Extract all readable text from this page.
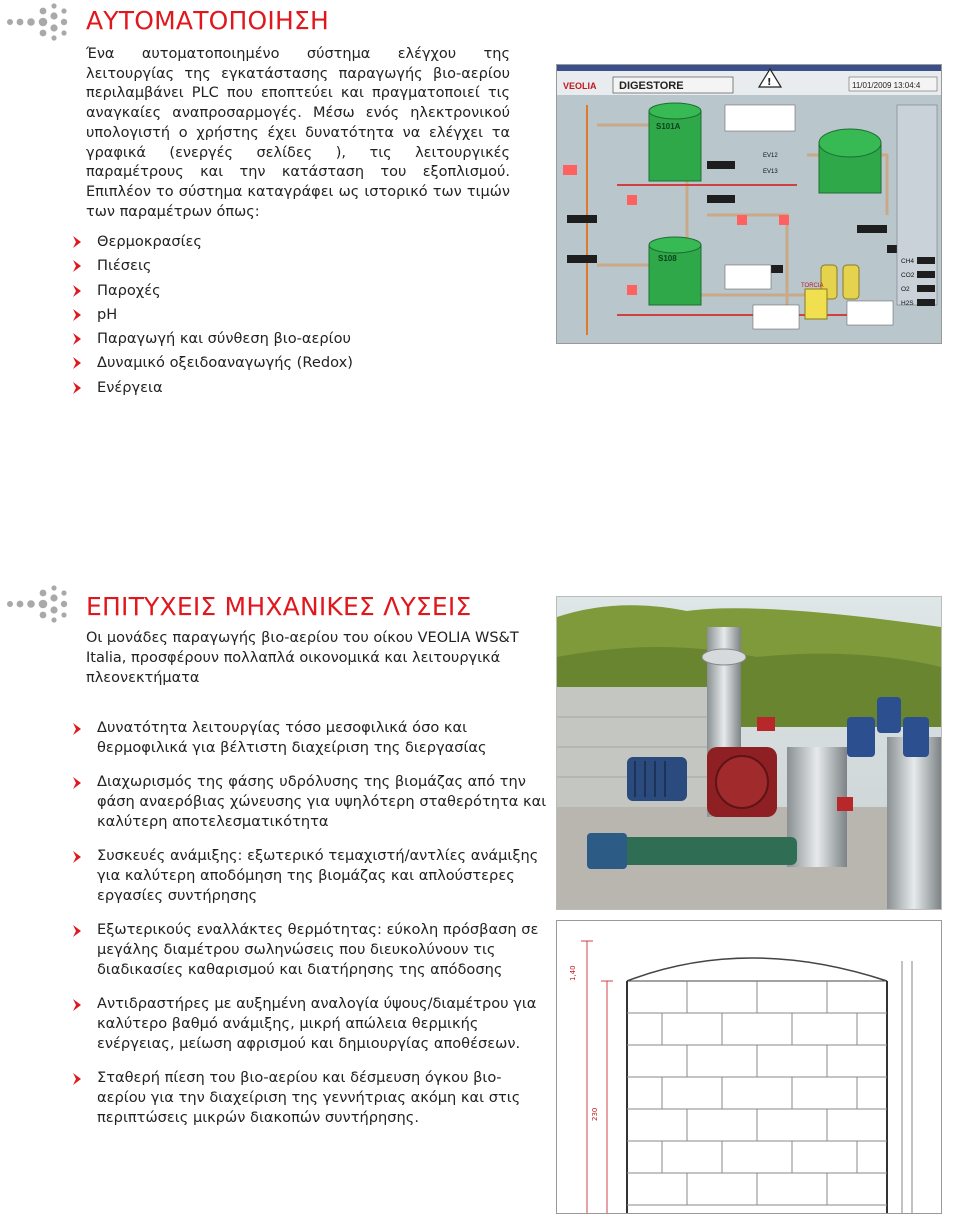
ΑΥΤΟΜΑΤΟΠΟΙΗΣΗ

Ένα αυτοματοποιημένο σύστημα ελέγχου της λειτουργίας της εγκατάστασης παραγωγής βιο-αερίου περιλαμβάνει PLC που εποπτεύει και πραγματοποιεί τις αναγκαίες αναπροσαρμογές. Μέσω ενός ηλεκτρονικού υπολογιστή ο χρήστης έχει δυνατότητα να ελέγχει τα γραφικά (ενεργές σελίδες ), τις λειτουργικές παραμέτρους και την κατάσταση του εξοπλισμού. Επιπλέον το σύστημα καταγράφει ως ιστορικό των τιμών των παραμέτρων όπως:

Θερμοκρασίες
Πιέσεις
Παροχές
pH
Παραγωγή και σύνθεση βιο-αερίου
Δυναμικό οξειδοαναγωγής (Redox)
Ενέργεια
VEOLIA DIGESTORE	!	11/01/2009 13:04:4
S101A
S108
TORCIA
EV12
EV13
CH4
CO2
O2
H2S
ΕΠΙΤΥΧΕΙΣ ΜΗΧΑΝΙΚΕΣ ΛΥΣΕΙΣ

Οι μονάδες παραγωγής βιο-αερίου του οίκου VEOLIA WS&T Italia, προσφέρουν πολλαπλά οικονομικά και λειτουργικά πλεονεκτήματα

Δυνατότητα λειτουργίας τόσο μεσοφιλικά όσο και θερμοφιλικά για βέλτιστη διαχείριση της διεργασίας
Διαχωρισμός της φάσης υδρόλυσης της βιομάζας από την φάση αναερόβιας χώνευσης για υψηλότερη σταθερότητα και καλύτερη αποτελεσματικότητα
Συσκευές ανάμιξης: εξωτερικό τεμαχιστή/αντλίες ανάμιξης για καλύτερη αποδόμηση της βιομάζας και απλούστερες εργασίες συντήρησης
Εξωτερικούς εναλλάκτες θερμότητας: εύκολη πρόσβαση σε μεγάλης διαμέτρου σωληνώσεις που διευκολύνουν τις διαδικασίες καθαρισμού και διατήρησης της απόδοσης
Αντιδραστήρες με αυξημένη αναλογία ύψους/διαμέτρου για καλύτερο βαθμό ανάμιξης, μικρή απώλεια θερμικής ενέργειας, μείωση αφρισμού και δημιουργίας αποθέσεων.
Σταθερή πίεση του βιο-αερίου και δέσμευση όγκου βιο-αερίου για την διαχείριση της γεννήτριας ακόμη και στις περιπτώσεις μικρών διακοπών συντήρησης.
1,40
230
